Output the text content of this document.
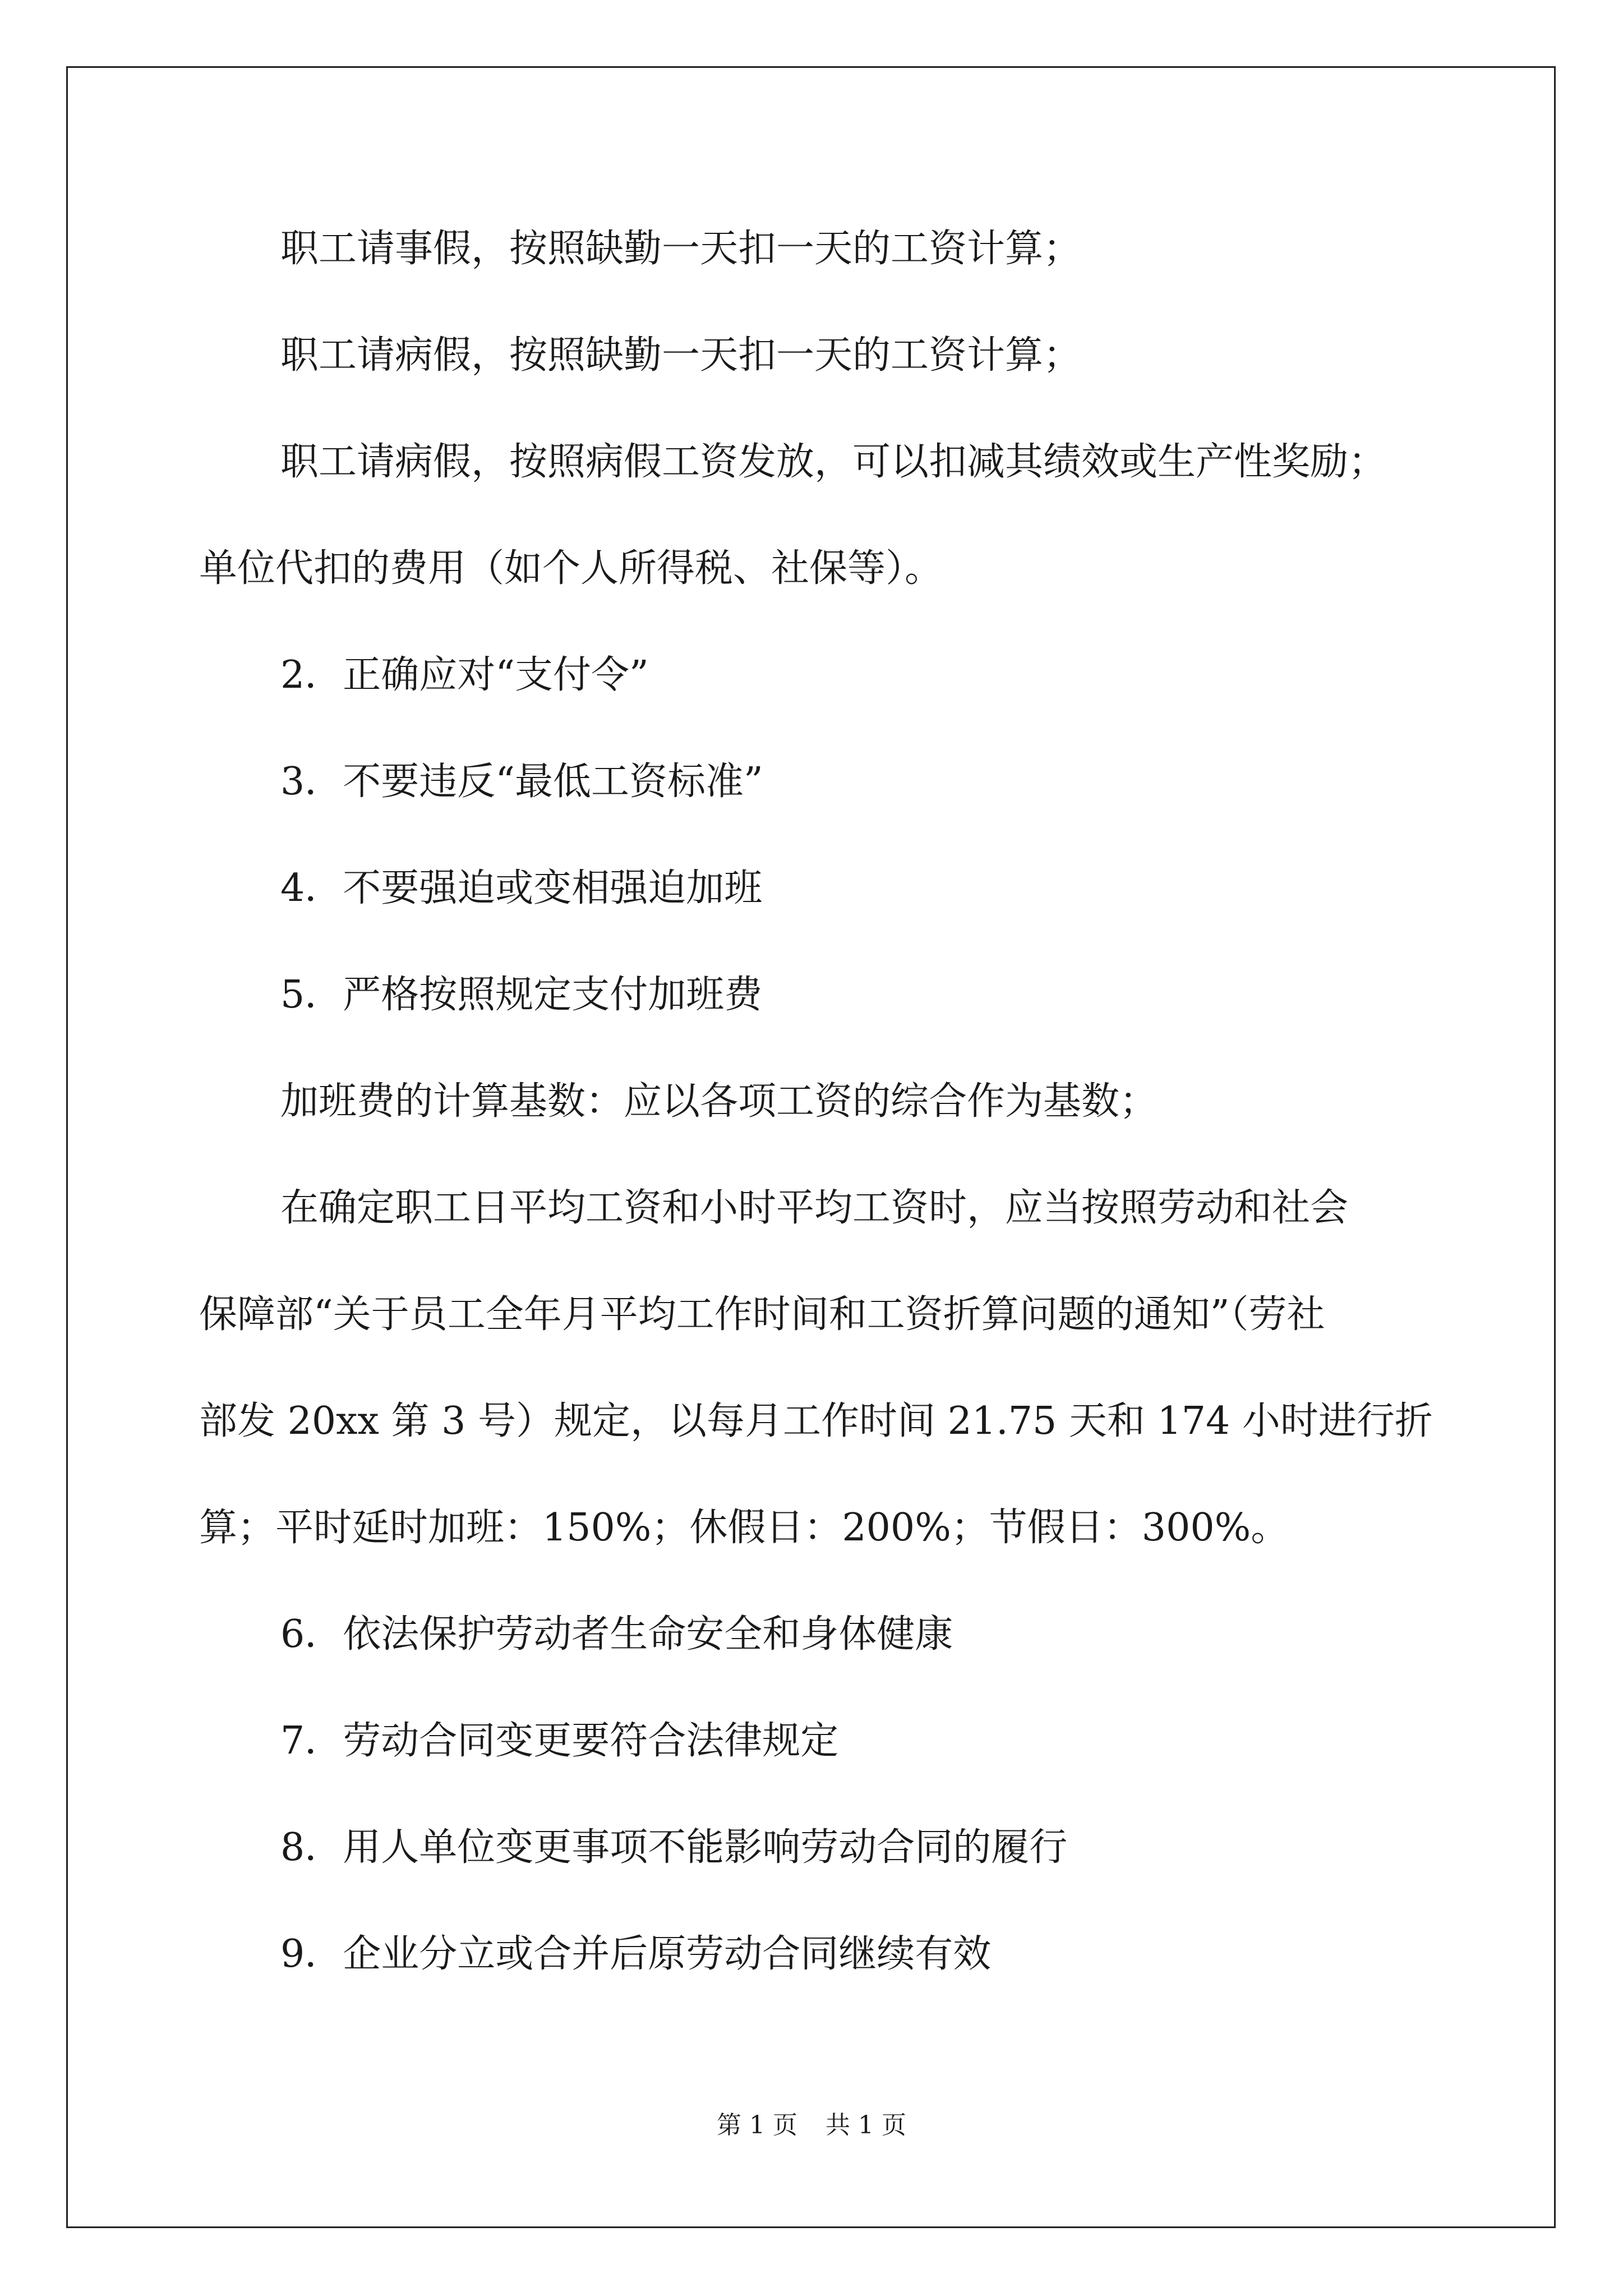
职工请事假，按照缺勤一天扣一天的工资计算；

职工请病假，按照缺勤一天扣一天的工资计算；

职工请病假，按照病假工资发放，可以扣减其绩效或生产性奖励；

单位代扣的费用（如个人所得税、社保等）。

2．正确应对“支付令”

3．不要违反“最低工资标准”

4．不要强迫或变相强迫加班

5．严格按照规定支付加班费

加班费的计算基数：应以各项工资的综合作为基数；

在确定职工日平均工资和小时平均工资时，应当按照劳动和社会

保障部“关于员工全年月平均工作时间和工资折算问题的通知”（劳社

部发 20xx 第 3 号）规定，以每月工作时间 21.75 天和 174 小时进行折

算；平时延时加班：150%；休假日：200%；节假日：300%。

6．依法保护劳动者生命安全和身体健康

7．劳动合同变更要符合法律规定

8．用人单位变更事项不能影响劳动合同的履行

9．企业分立或合并后原劳动合同继续有效

第 1 页 共 1 页
